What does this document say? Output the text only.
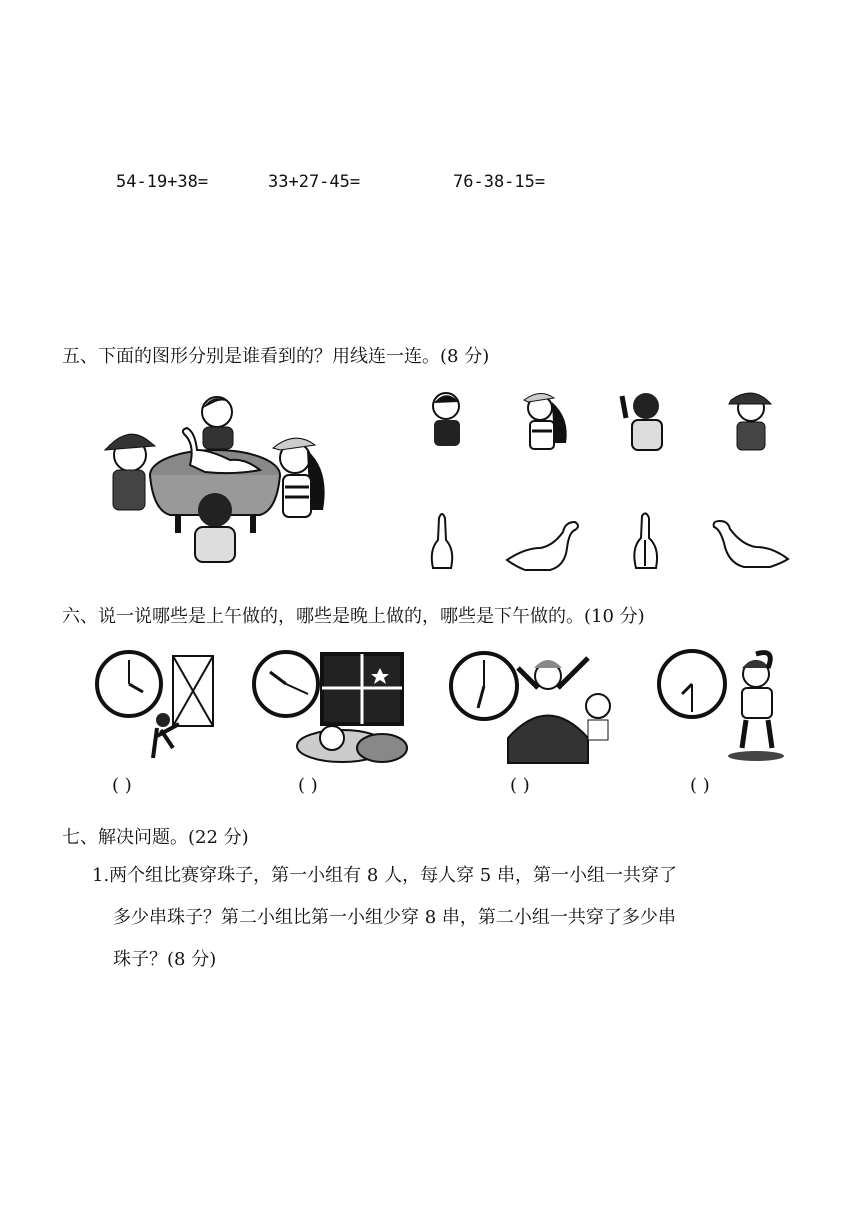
54-19+38=	33+27-45=	76-38-15=
五、下面的图形分别是谁看到的？用线连一连。(8 分)
六、说一说哪些是上午做的，哪些是晚上做的，哪些是下午做的。(10 分)
( )	( )	( )	( )
七、解决问题。(22 分)
1.两个组比赛穿珠子，第一小组有 8 人，每人穿 5 串，第一小组一共穿了
多少串珠子？第二小组比第一小组少穿 8 串，第二小组一共穿了多少串
珠子？(8 分)
